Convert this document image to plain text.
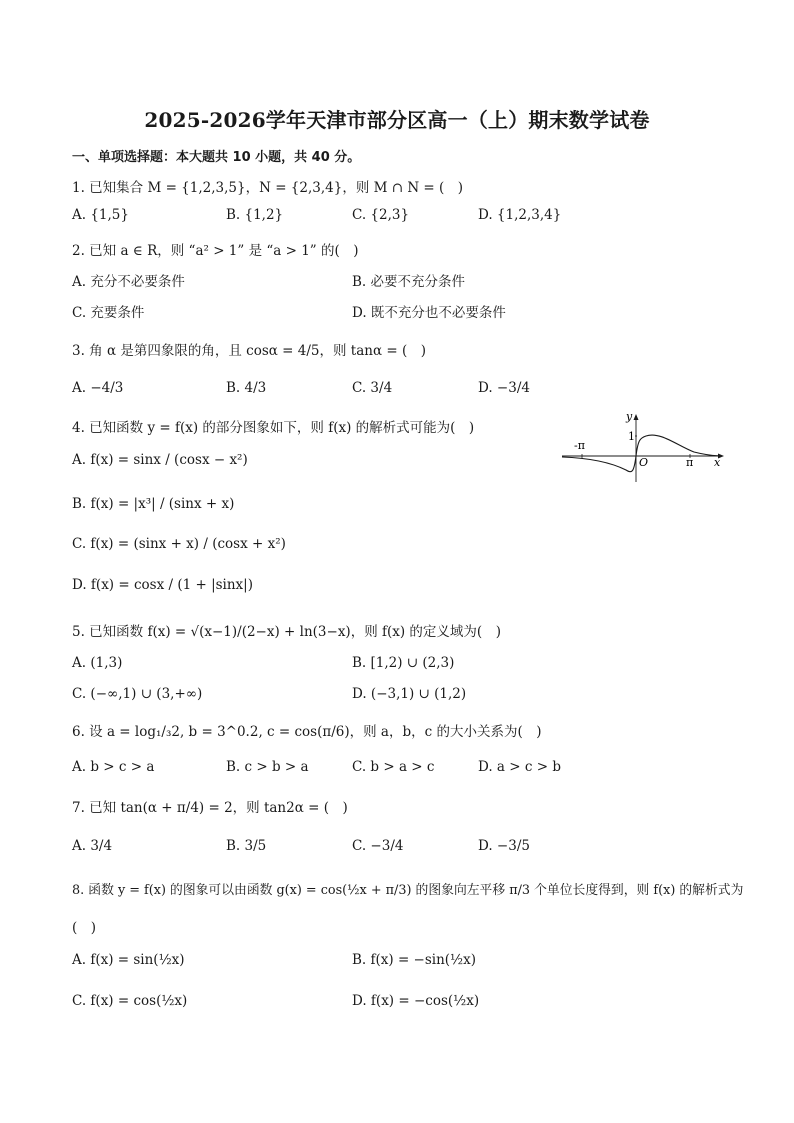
2025-2026学年天津市部分区高一（上）期末数学试卷
一、单项选择题：本大题共 10 小题，共 40 分。
1. 已知集合 M = {1,2,3,5}，N = {2,3,4}，则 M ∩ N = (　)
A. {1,5}	B. {1,2}	C. {2,3}	D. {1,2,3,4}
2. 已知 a ∈ R，则 “a² > 1” 是 “a > 1” 的(　)
A. 充分不必要条件	B. 必要不充分条件
C. 充要条件	D. 既不充分也不必要条件
3. 角 α 是第四象限的角，且 cosα = 4/5，则 tanα = (　)
A. −4/3	B. 4/3	C. 3/4	D. −3/4
4. 已知函数 y = f(x) 的部分图象如下，则 f(x) 的解析式可能为(　)
A. f(x) = sinx / (cosx − x²)
B. f(x) = |x³| / (sinx + x)
C. f(x) = (sinx + x) / (cosx + x²)
D. f(x) = cosx / (1 + |sinx|)
y
x
O
1
-π
π
5. 已知函数 f(x) = √(x−1)/(2−x) + ln(3−x)，则 f(x) 的定义域为(　)
A. (1,3)	B. [1,2) ∪ (2,3)
C. (−∞,1) ∪ (3,+∞)	D. (−3,1) ∪ (1,2)
6. 设 a = log₁/₃2, b = 3^0.2, c = cos(π/6)，则 a，b，c 的大小关系为(　)
A. b > c > a	B. c > b > a	C. b > a > c	D. a > c > b
7. 已知 tan(α + π/4) = 2，则 tan2α = (　)
A. 3/4	B. 3/5	C. −3/4	D. −3/5
8. 函数 y = f(x) 的图象可以由函数 g(x) = cos(½x + π/3) 的图象向左平移 π/3 个单位长度得到，则 f(x) 的解析式为
(　)
A. f(x) = sin(½x)	B. f(x) = −sin(½x)
C. f(x) = cos(½x)	D. f(x) = −cos(½x)
